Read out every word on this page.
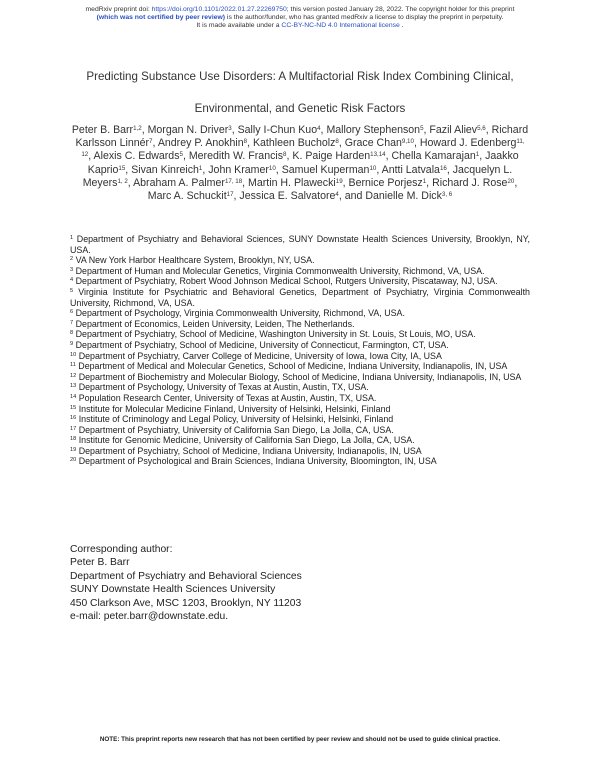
medRxiv preprint doi: https://doi.org/10.1101/2022.01.27.22269750; this version posted January 28, 2022. The copyright holder for this preprint
(which was not certified by peer review) is the author/funder, who has granted medRxiv a license to display the preprint in perpetuity.
It is made available under a CC-BY-NC-ND 4.0 International license .
Predicting Substance Use Disorders: A Multifactorial Risk Index Combining Clinical,
Environmental, and Genetic Risk Factors
Peter B. Barr$^{1,2}$, Morgan N. Driver$^3$, Sally I-Chun Kuo$^4$, Mallory Stephenson$^5$, Fazil Aliev$^{5,6}$, Richard Karlsson Linnér$^7$, Andrey P. Anokhin$^8$, Kathleen Bucholz$^8$, Grace Chan$^{9,10}$, Howard J. Edenberg$^{11, 12}$, Alexis C. Edwards$^5$, Meredith W. Francis$^8$, K. Paige Harden$^{13,14}$, Chella Kamarajan$^1$, Jaakko Kaprio$^{15}$, Sivan Kinreich$^1$, John Kramer$^{10}$, Samuel Kuperman$^{10}$, Antti Latvala$^{16}$, Jacquelyn L. Meyers$^{1, 2}$, Abraham A. Palmer$^{17, 18}$, Martin H. Plawecki$^{19}$, Bernice Porjesz$^1$, Richard J. Rose$^{20}$, Marc A. Schuckit$^{17}$, Jessica E. Salvatore$^4$, and Danielle M. Dick$^{3, 6}$
$^1$ Department of Psychiatry and Behavioral Sciences, SUNY Downstate Health Sciences University, Brooklyn, NY, USA.
$^2$ VA New York Harbor Healthcare System, Brooklyn, NY, USA.
$^3$ Department of Human and Molecular Genetics, Virginia Commonwealth University, Richmond, VA, USA.
$^4$ Department of Psychiatry, Robert Wood Johnson Medical School, Rutgers University, Piscataway, NJ, USA.
$^5$ Virginia Institute for Psychiatric and Behavioral Genetics, Department of Psychiatry, Virginia Commonwealth University, Richmond, VA, USA.
$^6$ Department of Psychology, Virginia Commonwealth University, Richmond, VA, USA.
$^7$ Department of Economics, Leiden University, Leiden, The Netherlands.
$^8$ Department of Psychiatry, School of Medicine, Washington University in St. Louis, St Louis, MO, USA.
$^9$ Department of Psychiatry, School of Medicine, University of Connecticut, Farmington, CT, USA.
$^{10}$ Department of Psychiatry, Carver College of Medicine, University of Iowa, Iowa City, IA, USA
$^{11}$ Department of Medical and Molecular Genetics, School of Medicine, Indiana University, Indianapolis, IN, USA
$^{12}$ Department of Biochemistry and Molecular Biology, School of Medicine, Indiana University, Indianapolis, IN, USA
$^{13}$ Department of Psychology, University of Texas at Austin, Austin, TX, USA.
$^{14}$ Population Research Center, University of Texas at Austin, Austin, TX, USA.
$^{15}$ Institute for Molecular Medicine Finland, University of Helsinki, Helsinki, Finland
$^{16}$ Institute of Criminology and Legal Policy, University of Helsinki, Helsinki, Finland
$^{17}$ Department of Psychiatry, University of California San Diego, La Jolla, CA, USA.
$^{18}$ Institute for Genomic Medicine, University of California San Diego, La Jolla, CA, USA.
$^{19}$ Department of Psychiatry, School of Medicine, Indiana University, Indianapolis, IN, USA
$^{20}$ Department of Psychological and Brain Sciences, Indiana University, Bloomington, IN, USA
Corresponding author:
Peter B. Barr
Department of Psychiatry and Behavioral Sciences
SUNY Downstate Health Sciences University
450 Clarkson Ave, MSC 1203, Brooklyn, NY 11203
e-mail: peter.barr@downstate.edu.
NOTE: This preprint reports new research that has not been certified by peer review and should not be used to guide clinical practice.
